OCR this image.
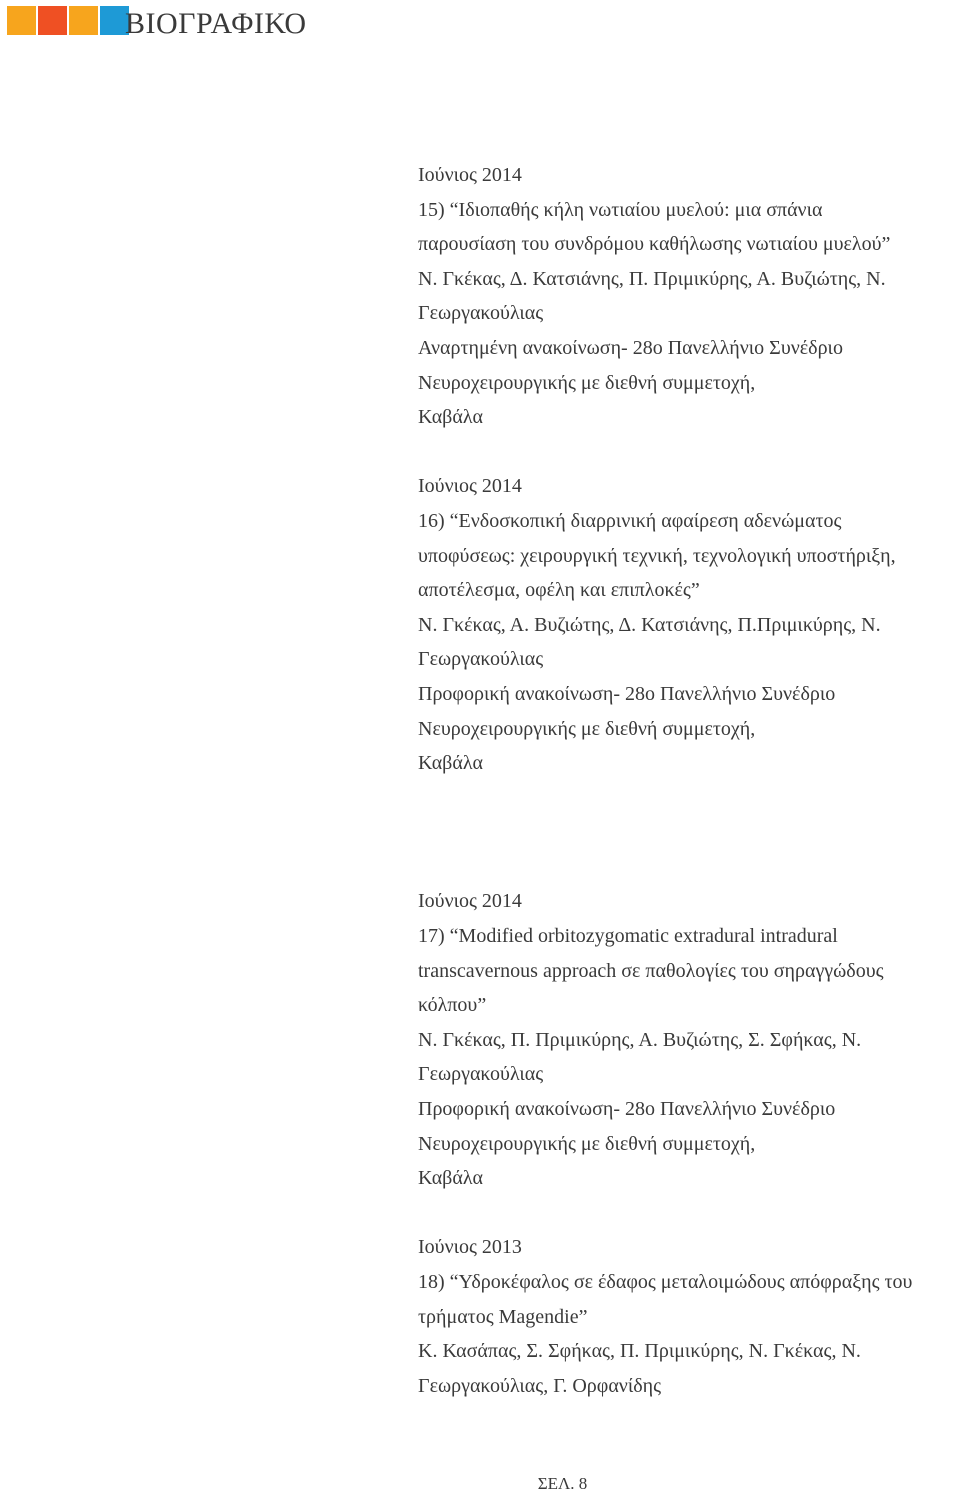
ΒΙΟΓΡΑΦΙΚΟ

Ιούνιος 2014

15) “Ιδιοπαθής κήλη νωτιαίου μυελού: μια σπάνια

παρουσίαση του συνδρόμου καθήλωσης νωτιαίου μυελού”

Ν. Γκέκας, Δ. Κατσιάνης, Π. Πριμικύρης, Α. Βυζιώτης, Ν.

Γεωργακούλιας

Αναρτημένη ανακοίνωση- 28ο Πανελλήνιο Συνέδριο

Νευροχειρουργικής με διεθνή συμμετοχή,

Καβάλα

Ιούνιος 2014

16) “Ενδοσκοπική διαρρινική αφαίρεση αδενώματος

υποφύσεως: χειρουργική τεχνική, τεχνολογική υποστήριξη,

αποτέλεσμα, οφέλη και επιπλοκές”

Ν. Γκέκας, Α. Βυζιώτης, Δ. Κατσιάνης, Π.Πριμικύρης, Ν.

Γεωργακούλιας

Προφορική ανακοίνωση- 28ο Πανελλήνιο Συνέδριο

Νευροχειρουργικής με διεθνή συμμετοχή,

Καβάλα

Ιούνιος 2014

17) “Modified orbitozygomatic extradural intradural

transcavernous approach σε παθολογίες του σηραγγώδους

κόλπου”

Ν. Γκέκας, Π. Πριμικύρης, Α. Βυζιώτης, Σ. Σφήκας, Ν.

Γεωργακούλιας

Προφορική ανακοίνωση- 28ο Πανελλήνιο Συνέδριο

Νευροχειρουργικής με διεθνή συμμετοχή,

Καβάλα

Ιούνιος 2013

18) “Υδροκέφαλος σε έδαφος μεταλοιμώδους απόφραξης του

τρήματος Magendie”

Κ. Κασάπας, Σ. Σφήκας, Π. Πριμικύρης, Ν. Γκέκας, Ν.

Γεωργακούλιας, Γ. Ορφανίδης

ΣΕΛ. 8
